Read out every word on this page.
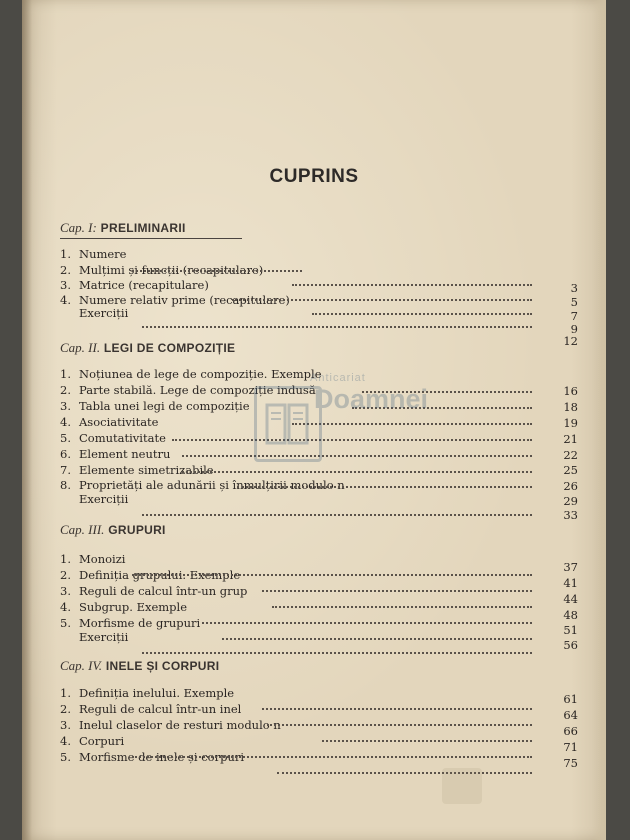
CUPRINS
Cap. I: PRELIMINARII
1. Numere
2. Mulțimi și funcții (recapitulare)
3. Matrice (recapitulare)
4. Numere relativ prime (recapitulare)
Exerciții
3
5
7
9
12
Cap. II. LEGI DE COMPOZIȚIE
1. Noțiunea de lege de compoziție. Exemple
2. Parte stabilă. Lege de compoziție indusă
3. Tabla unei legi de compoziție
4. Asociativitate
5. Comutativitate
6. Element neutru
7. Elemente simetrizabile
8. Proprietăți ale adunării și înmulțirii modulo n
Exerciții
16
18
19
21
22
25
26
29
33
Cap. III. GRUPURI
1. Monoizi
2. Definiția grupului. Exemple
3. Reguli de calcul într-un grup
4. Subgrup. Exemple
5. Morfisme de grupuri
Exerciții
37
41
44
48
51
56
Cap. IV. INELE ȘI CORPURI
1. Definiția inelului. Exemple
2. Reguli de calcul într-un inel
3. Inelul claselor de resturi modulo n
4. Corpuri
5. Morfisme de inele și corpuri
61
64
66
71
75
Anticariat
Doamnei
